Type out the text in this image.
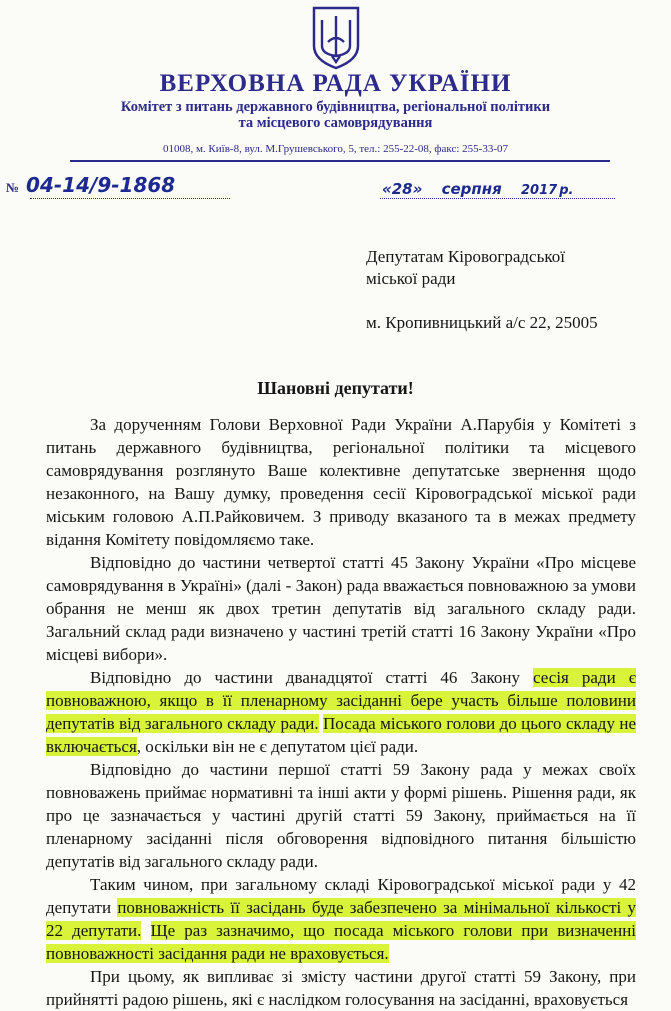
ВЕРХОВНА РАДА УКРАЇНИ
Комітет з питань державного будівництва, регіональної політики
та місцевого самоврядування
01008, м. Київ-8, вул. М.Грушевського, 5, тел.: 255-22-08, факс: 255-33-07
№ 04-14/9-1868	«28» серпня 2017 р.
Депутатам Кіровоградської
міської ради
м. Кропивницький а/с 22, 25005
Шановні депутати!

За дорученням Голови Верховної Ради України А.Парубія у Комітеті з питань державного будівництва, регіональної політики та місцевого самоврядування розглянуто Ваше колективне депутатське звернення щодо незаконного, на Вашу думку, проведення сесії Кіровоградської міської ради міським головою А.П.Райковичем. З приводу вказаного та в межах предмету відання Комітету повідомляємо таке.

Відповідно до частини четвертої статті 45 Закону України «Про місцеве самоврядування в Україні» (далі - Закон) рада вважається повноважною за умови обрання не менш як двох третин депутатів від загального складу ради. Загальний склад ради визначено у частині третій статті 16 Закону України «Про місцеві вибори».

Відповідно до частини дванадцятої статті 46 Закону сесія ради є повноважною, якщо в її пленарному засіданні бере участь більше половини депутатів від загального складу ради. Посада міського голови до цього складу не включається, оскільки він не є депутатом цієї ради.

Відповідно до частини першої статті 59 Закону рада у межах своїх повноважень приймає нормативні та інші акти у формі рішень. Рішення ради, як про це зазначається у частині другій статті 59 Закону, приймається на її пленарному засіданні після обговорення відповідного питання більшістю депутатів від загального складу ради.

Таким чином, при загальному складі Кіровоградської міської ради у 42 депутати повноважність її засідань буде забезпечено за мінімальної кількості у 22 депутати. Ще раз зазначимо, що посада міського голови при визначенні повноважності засідання ради не враховується.

При цьому, як випливає зі змісту частини другої статті 59 Закону, при прийнятті радою рішень, які є наслідком голосування на засіданні, враховується
